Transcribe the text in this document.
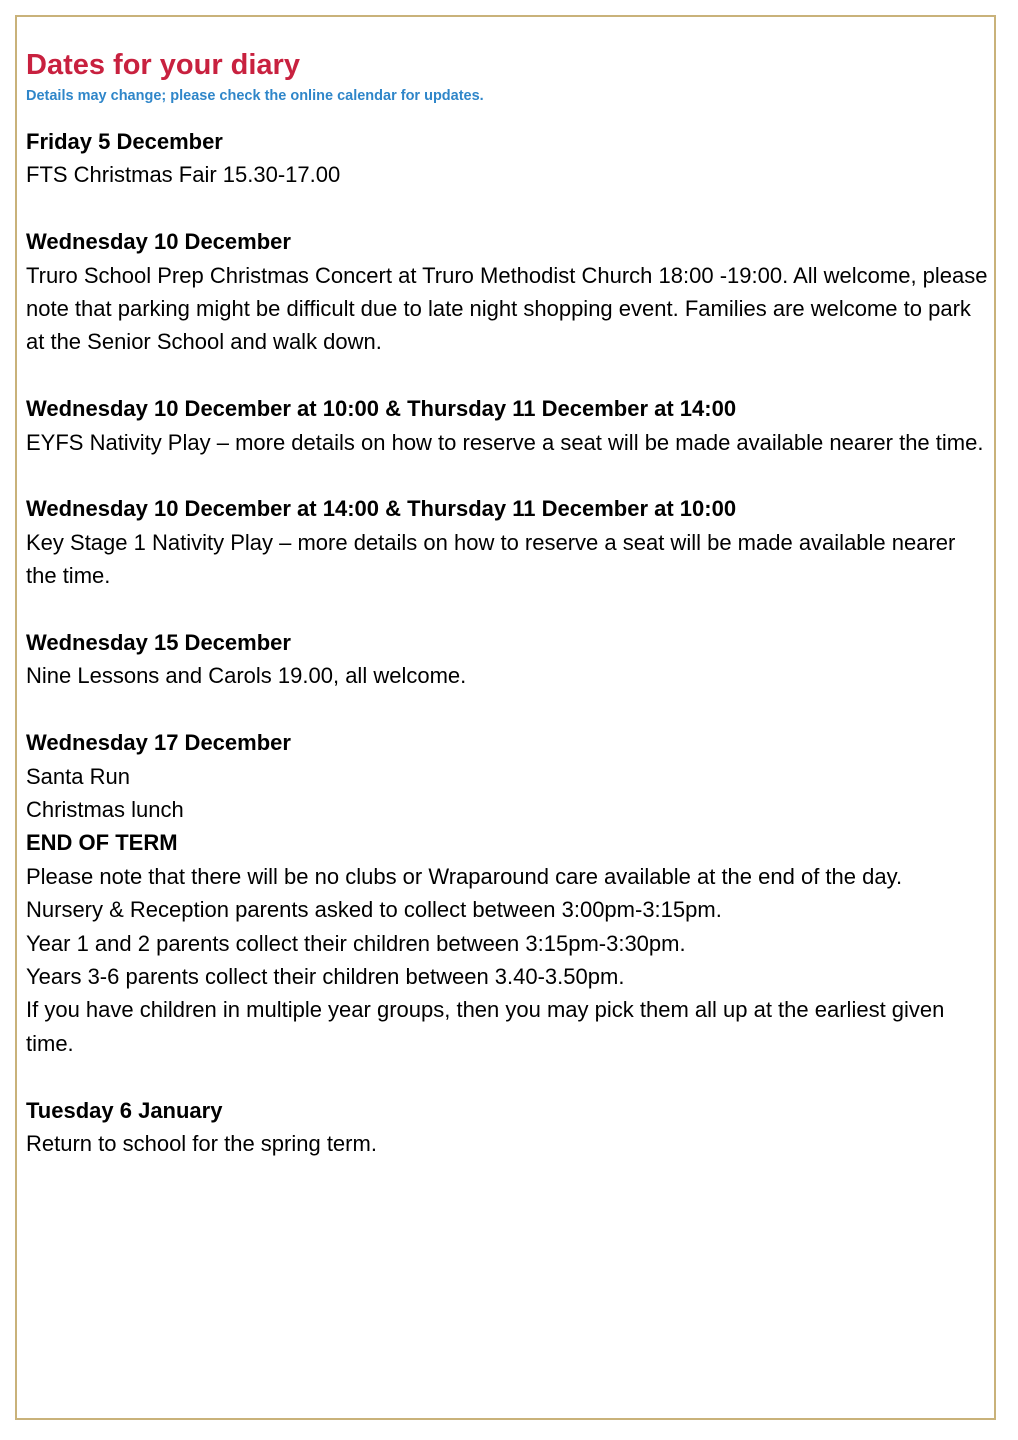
Dates for your diary

Details may change; please check the online calendar for updates.

Friday 5 December

FTS Christmas Fair 15.30-17.00

Wednesday 10 December

Truro School Prep Christmas Concert at Truro Methodist Church 18:00 -19:00. All welcome, please note that parking might be difficult due to late night shopping event. Families are welcome to park at the Senior School and walk down.

Wednesday 10 December at 10:00 & Thursday 11 December at 14:00

EYFS Nativity Play – more details on how to reserve a seat will be made available nearer the time.

Wednesday 10 December at 14:00 & Thursday 11 December at 10:00

Key Stage 1 Nativity Play – more details on how to reserve a seat will be made available nearer the time.

Wednesday 15 December

Nine Lessons and Carols 19.00, all welcome.

Wednesday 17 December

Santa Run

Christmas lunch

END OF TERM

Please note that there will be no clubs or Wraparound care available at the end of the day.

Nursery & Reception parents asked to collect between 3:00pm-3:15pm.

Year 1 and 2 parents collect their children between 3:15pm-3:30pm.

Years 3-6 parents collect their children between 3.40-3.50pm.

If you have children in multiple year groups, then you may pick them all up at the earliest given time.

Tuesday 6 January

Return to school for the spring term.
